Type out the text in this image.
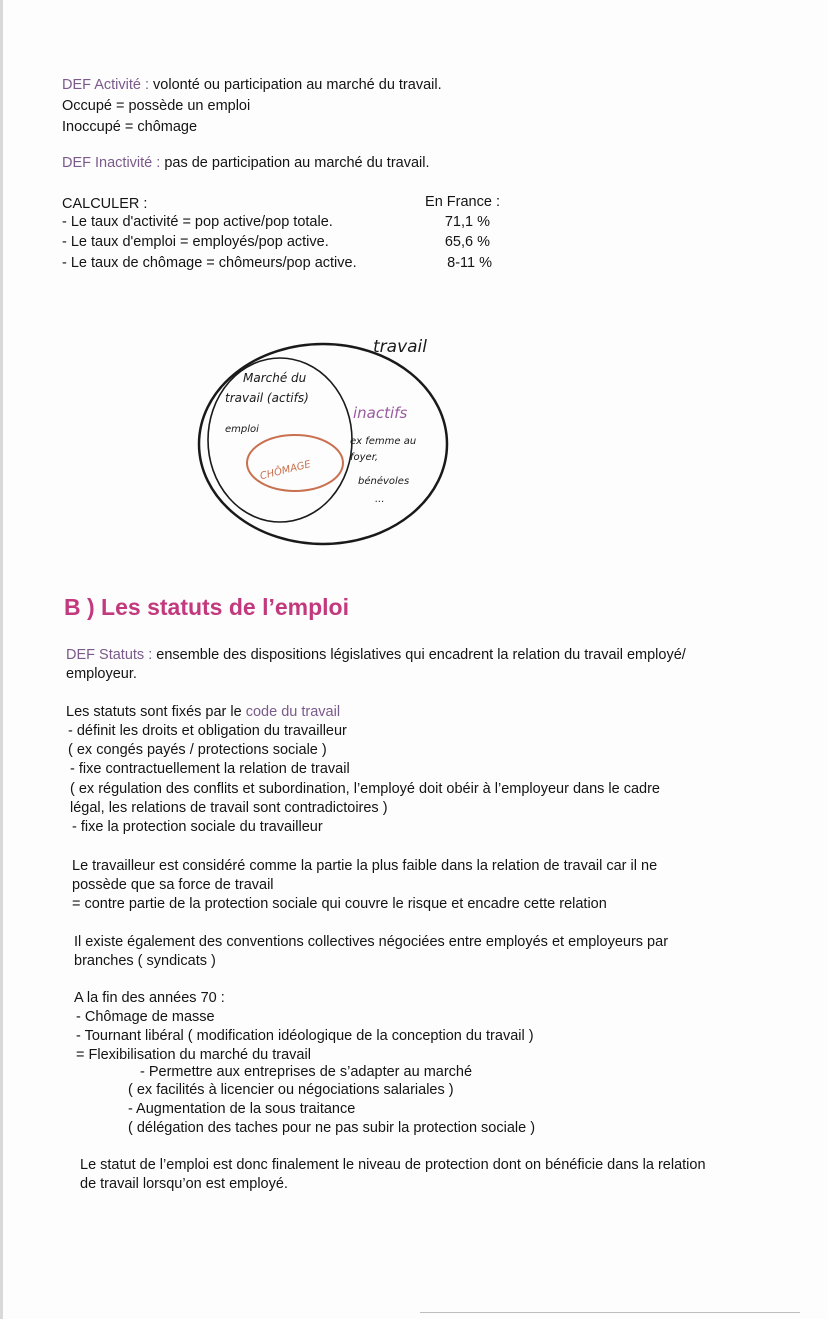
DEF Activité : volonté ou participation au marché du travail.
Occupé = possède un emploi
Inoccupé = chômage
DEF Inactivité : pas de participation au marché du travail.
CALCULER :	En France :
- Le taux d'activité = pop active/pop totale.	71,1 %
- Le taux d'emploi = employés/pop active.	65,6 %
- Le taux de chômage = chômeurs/pop active.	8-11 %
travail
Marché du
travail (actifs)
emploi
CHÔMAGE
inactifs
ex femme au
foyer,
bénévoles
...
B ) Les statuts de l’emploi
DEF Statuts : ensemble des dispositions législatives qui encadrent la relation du travail employé/
employeur.
Les statuts sont fixés par le code du travail
- définit les droits et obligation du travailleur
( ex congés payés / protections sociale )
- fixe contractuellement la relation de travail
( ex régulation des conflits et subordination, l’employé doit obéir à l’employeur dans le cadre
légal, les relations de travail sont contradictoires )
- fixe la protection sociale du travailleur
Le travailleur est considéré comme la partie la plus faible dans la relation de travail car il ne
possède que sa force de travail
= contre partie de la protection sociale qui couvre le risque et encadre cette relation
Il existe également des conventions collectives négociées entre employés et employeurs par
branches ( syndicats )
A la fin des années 70 :
- Chômage de masse
- Tournant libéral ( modification idéologique de la conception du travail )
= Flexibilisation du marché du travail
- Permettre aux entreprises de s’adapter au marché
( ex facilités à licencier ou négociations salariales )
- Augmentation de la sous traitance
( délégation des taches pour ne pas subir la protection sociale )
Le statut de l’emploi est donc finalement le niveau de protection dont on bénéficie dans la relation
de travail lorsqu’on est employé.
